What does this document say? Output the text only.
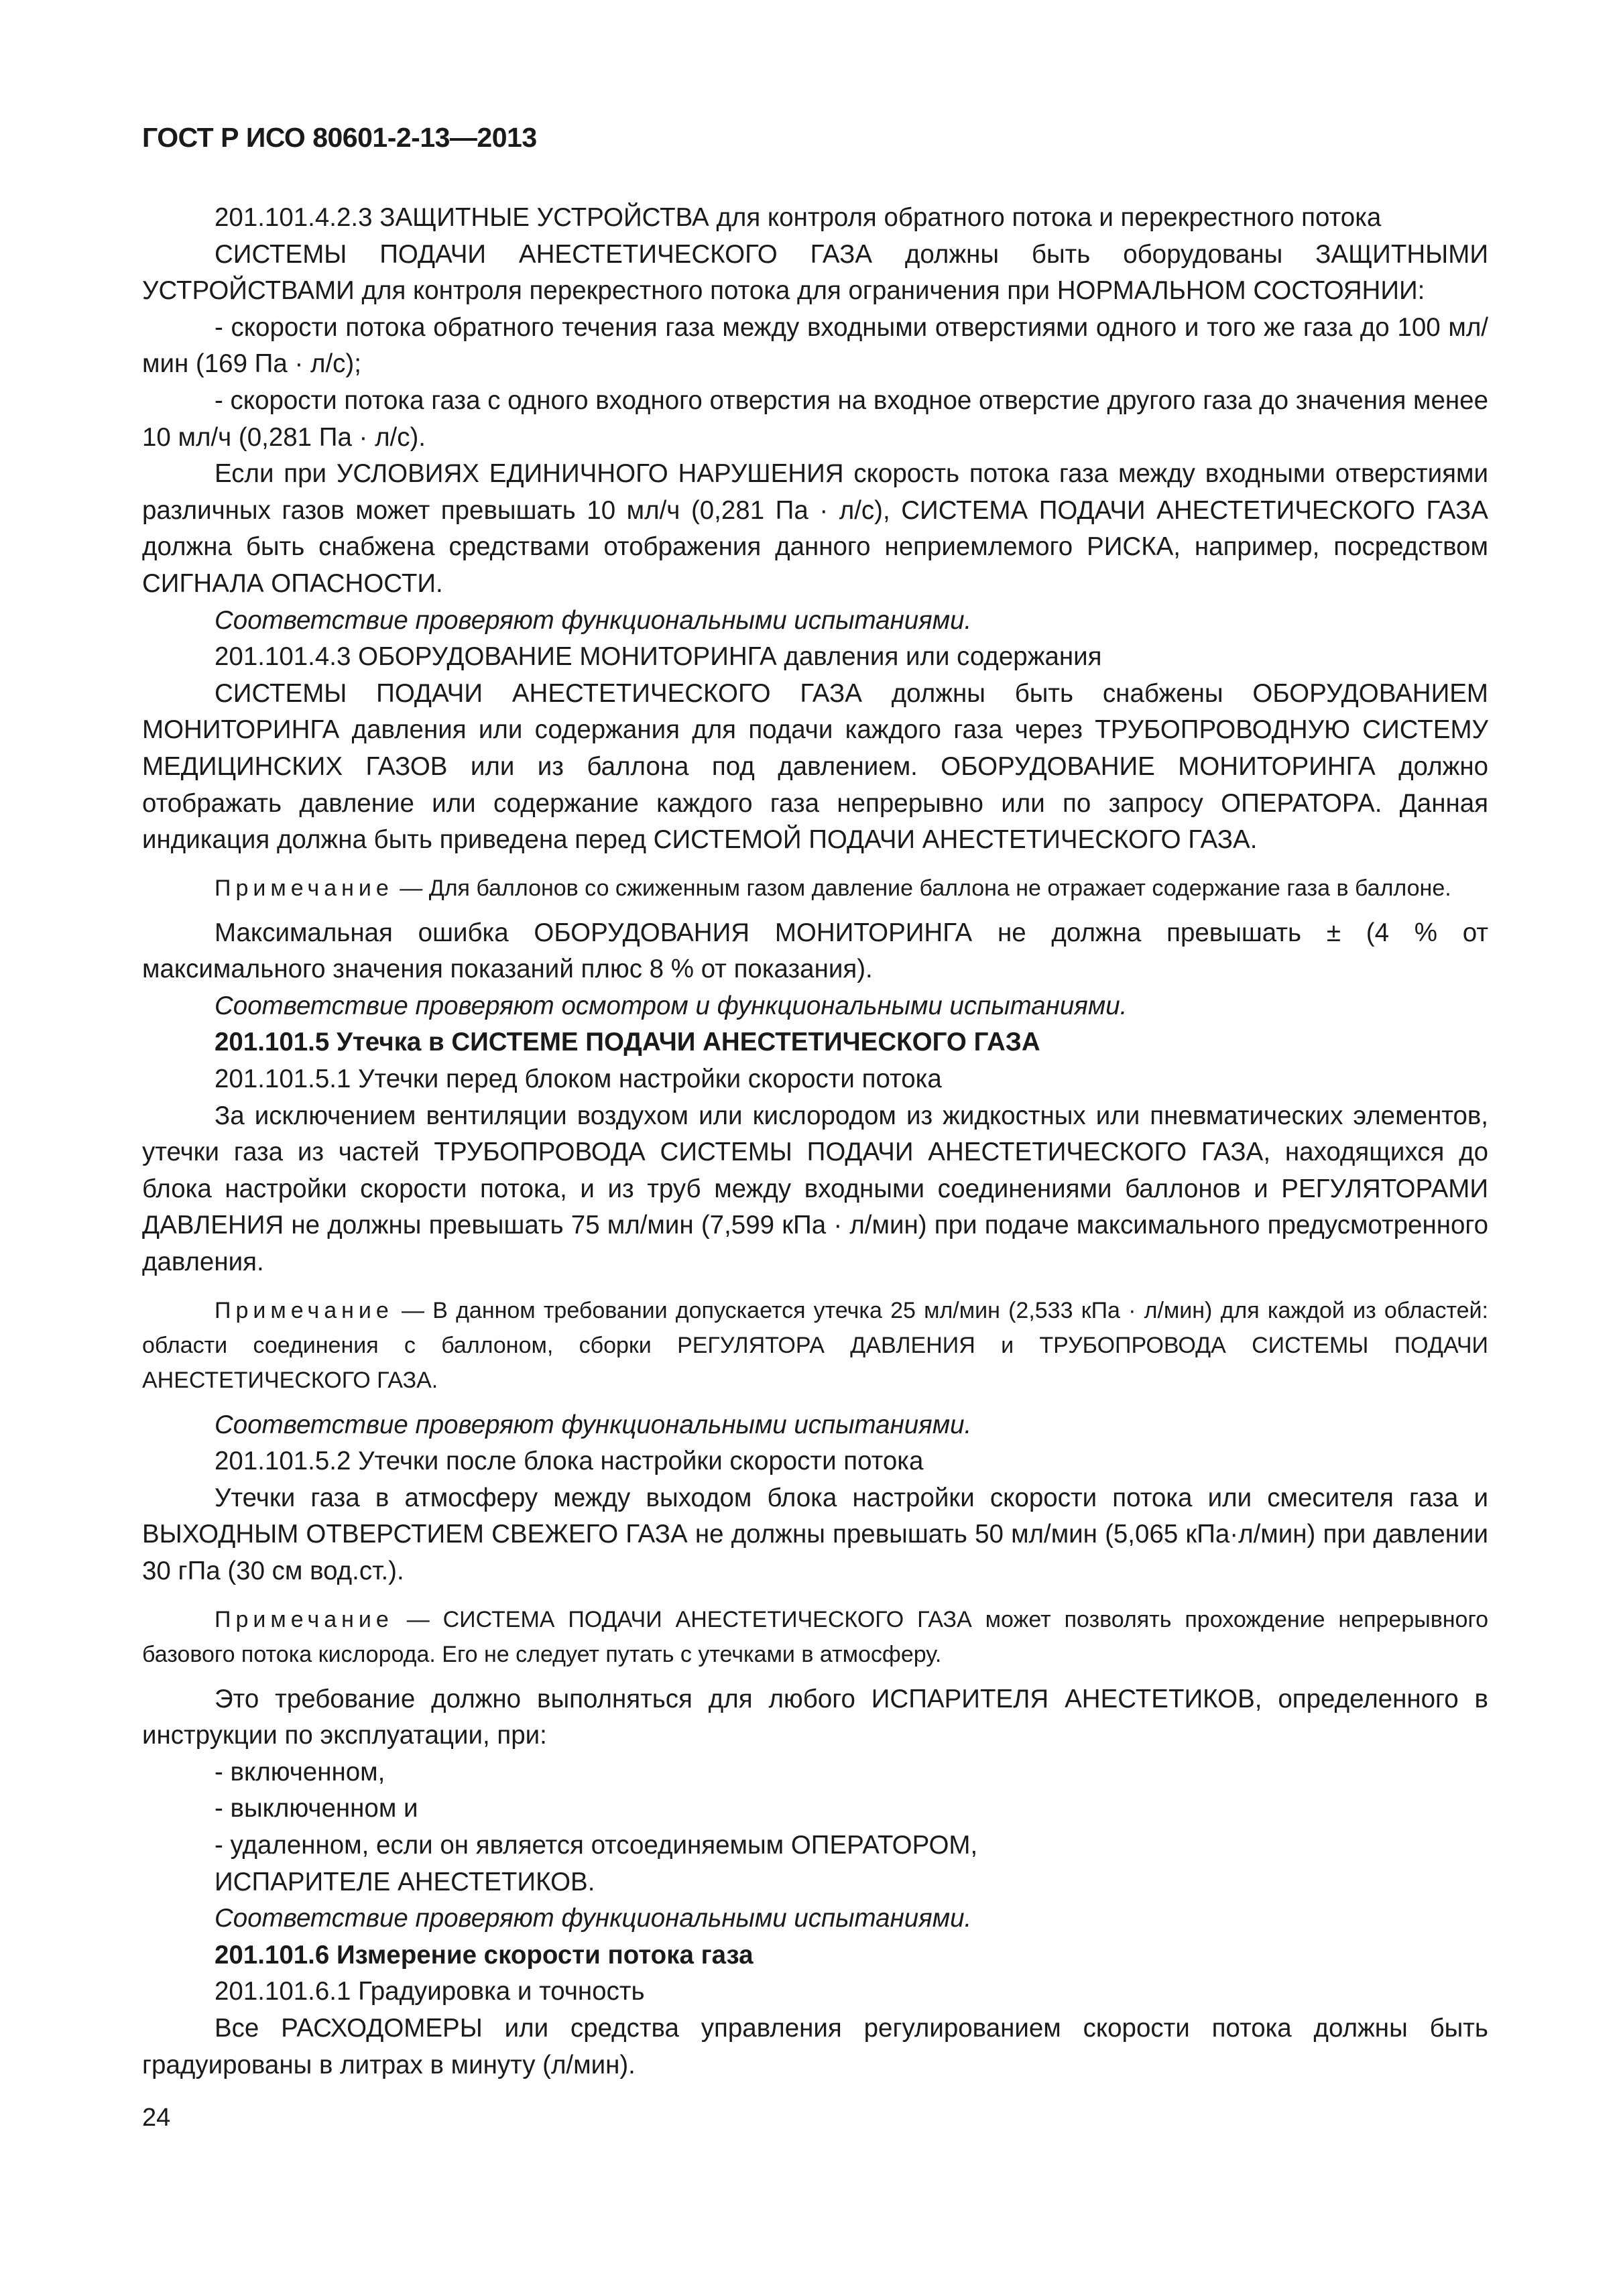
ГОСТ Р ИСО 80601-2-13—2013

201.101.4.2.3 ЗАЩИТНЫЕ УСТРОЙСТВА для контроля обратного потока и перекрестного потока

СИСТЕМЫ ПОДАЧИ АНЕСТЕТИЧЕСКОГО ГАЗА должны быть оборудованы ЗАЩИТНЫМИ УСТРОЙСТВАМИ для контроля перекрестного потока для ограничения при НОРМАЛЬНОМ СОСТОЯНИИ:

- скорости потока обратного течения газа между входными отверстиями одного и того же газа до 100 мл/мин (169 Па · л/с);

- скорости потока газа с одного входного отверстия на входное отверстие другого газа до значения менее 10 мл/ч (0,281 Па · л/с).

Если при УСЛОВИЯХ ЕДИНИЧНОГО НАРУШЕНИЯ скорость потока газа между входными отверстиями различных газов может превышать 10 мл/ч (0,281 Па · л/с), СИСТЕМА ПОДАЧИ АНЕСТЕТИЧЕСКОГО ГАЗА должна быть снабжена средствами отображения данного неприемлемого РИСКА, например, посредством СИГНАЛА ОПАСНОСТИ.

Соответствие проверяют функциональными испытаниями.

201.101.4.3 ОБОРУДОВАНИЕ МОНИТОРИНГА давления или содержания

СИСТЕМЫ ПОДАЧИ АНЕСТЕТИЧЕСКОГО ГАЗА должны быть снабжены ОБОРУДОВАНИЕМ МОНИТОРИНГА давления или содержания для подачи каждого газа через ТРУБОПРОВОДНУЮ СИСТЕМУ МЕДИЦИНСКИХ ГАЗОВ или из баллона под давлением. ОБОРУДОВАНИЕ МОНИТОРИНГА должно отображать давление или содержание каждого газа непрерывно или по запросу ОПЕРАТОРА. Данная индикация должна быть приведена перед СИСТЕМОЙ ПОДАЧИ АНЕСТЕТИЧЕСКОГО ГАЗА.

Примечание — Для баллонов со сжиженным газом давление баллона не отражает содержание газа в баллоне.

Максимальная ошибка ОБОРУДОВАНИЯ МОНИТОРИНГА не должна превышать ± (4 % от максимального значения показаний плюс 8 % от показания).

Соответствие проверяют осмотром и функциональными испытаниями.

201.101.5 Утечка в СИСТЕМЕ ПОДАЧИ АНЕСТЕТИЧЕСКОГО ГАЗА

201.101.5.1 Утечки перед блоком настройки скорости потока

За исключением вентиляции воздухом или кислородом из жидкостных или пневматических элементов, утечки газа из частей ТРУБОПРОВОДА СИСТЕМЫ ПОДАЧИ АНЕСТЕТИЧЕСКОГО ГАЗА, находящихся до блока настройки скорости потока, и из труб между входными соединениями баллонов и РЕГУЛЯТОРАМИ ДАВЛЕНИЯ не должны превышать 75 мл/мин (7,599 кПа · л/мин) при подаче максимального предусмотренного давления.

Примечание — В данном требовании допускается утечка 25 мл/мин (2,533 кПа · л/мин) для каждой из областей: области соединения с баллоном, сборки РЕГУЛЯТОРА ДАВЛЕНИЯ и ТРУБОПРОВОДА СИСТЕМЫ ПОДАЧИ АНЕСТЕТИЧЕСКОГО ГАЗА.

Соответствие проверяют функциональными испытаниями.

201.101.5.2 Утечки после блока настройки скорости потока

Утечки газа в атмосферу между выходом блока настройки скорости потока или смесителя газа и ВЫХОДНЫМ ОТВЕРСТИЕМ СВЕЖЕГО ГАЗА не должны превышать 50 мл/мин (5,065 кПа·л/мин) при давлении 30 гПа (30 см вод.ст.).

Примечание — СИСТЕМА ПОДАЧИ АНЕСТЕТИЧЕСКОГО ГАЗА может позволять прохождение непрерывного базового потока кислорода. Его не следует путать с утечками в атмосферу.

Это требование должно выполняться для любого ИСПАРИТЕЛЯ АНЕСТЕТИКОВ, определенного в инструкции по эксплуатации, при:

- включенном,

- выключенном и

- удаленном, если он является отсоединяемым ОПЕРАТОРОМ,

ИСПАРИТЕЛЕ АНЕСТЕТИКОВ.

Соответствие проверяют функциональными испытаниями.

201.101.6 Измерение скорости потока газа

201.101.6.1 Градуировка и точность

Все РАСХОДОМЕРЫ или средства управления регулированием скорости потока должны быть градуированы в литрах в минуту (л/мин).

24
